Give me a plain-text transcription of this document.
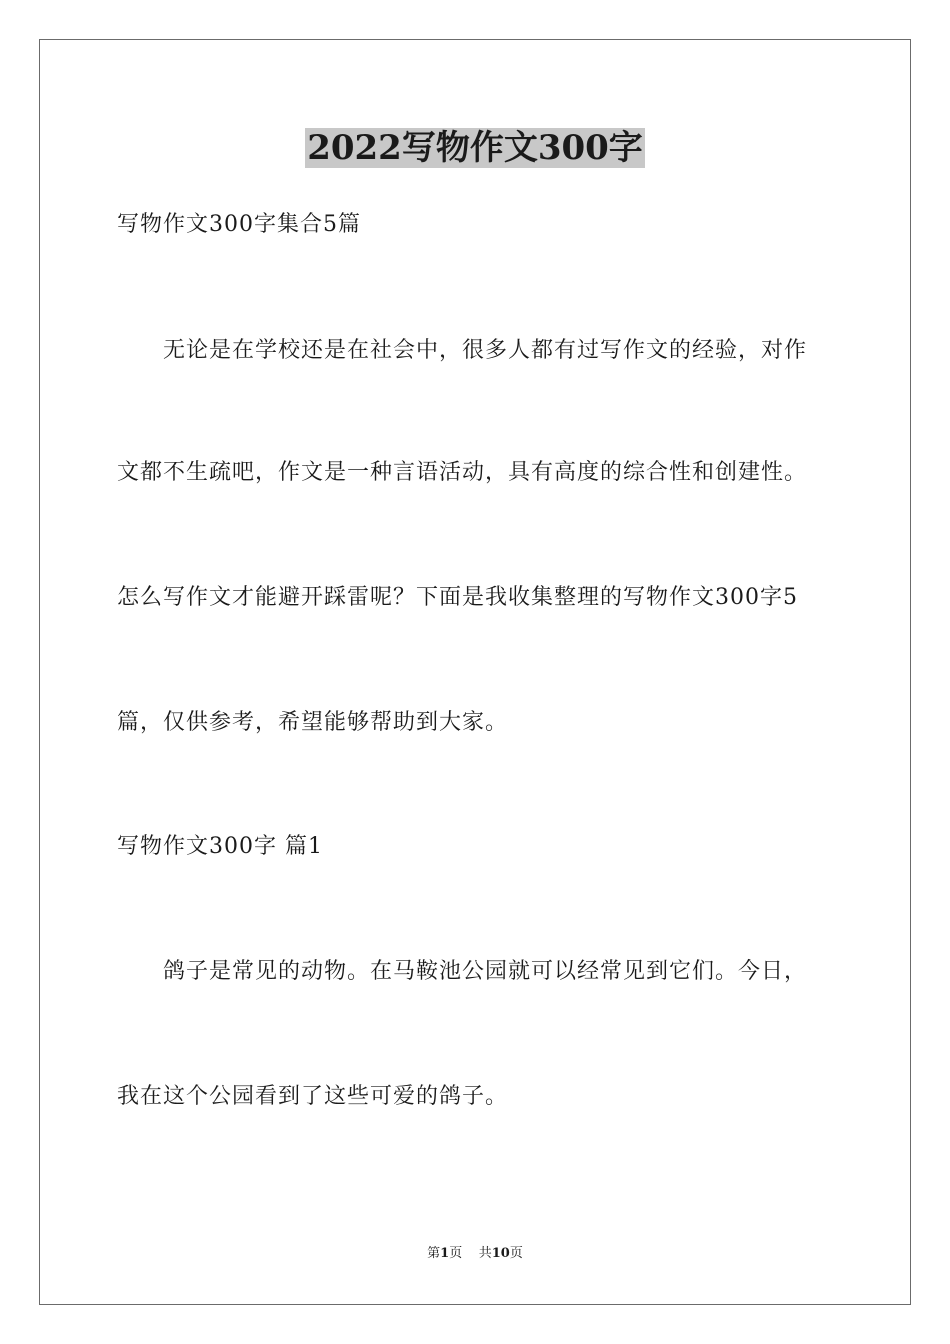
2022写物作文300字
写物作文300字集合5篇
无论是在学校还是在社会中，很多人都有过写作文的经验，对作
文都不生疏吧，作文是一种言语活动，具有高度的综合性和创建性。
怎么写作文才能避开踩雷呢？下面是我收集整理的写物作文300字5
篇，仅供参考，希望能够帮助到大家。
写物作文300字 篇1
鸽子是常见的动物。在马鞍池公园就可以经常见到它们。今日，
我在这个公园看到了这些可爱的鸽子。
第1页 共10页
